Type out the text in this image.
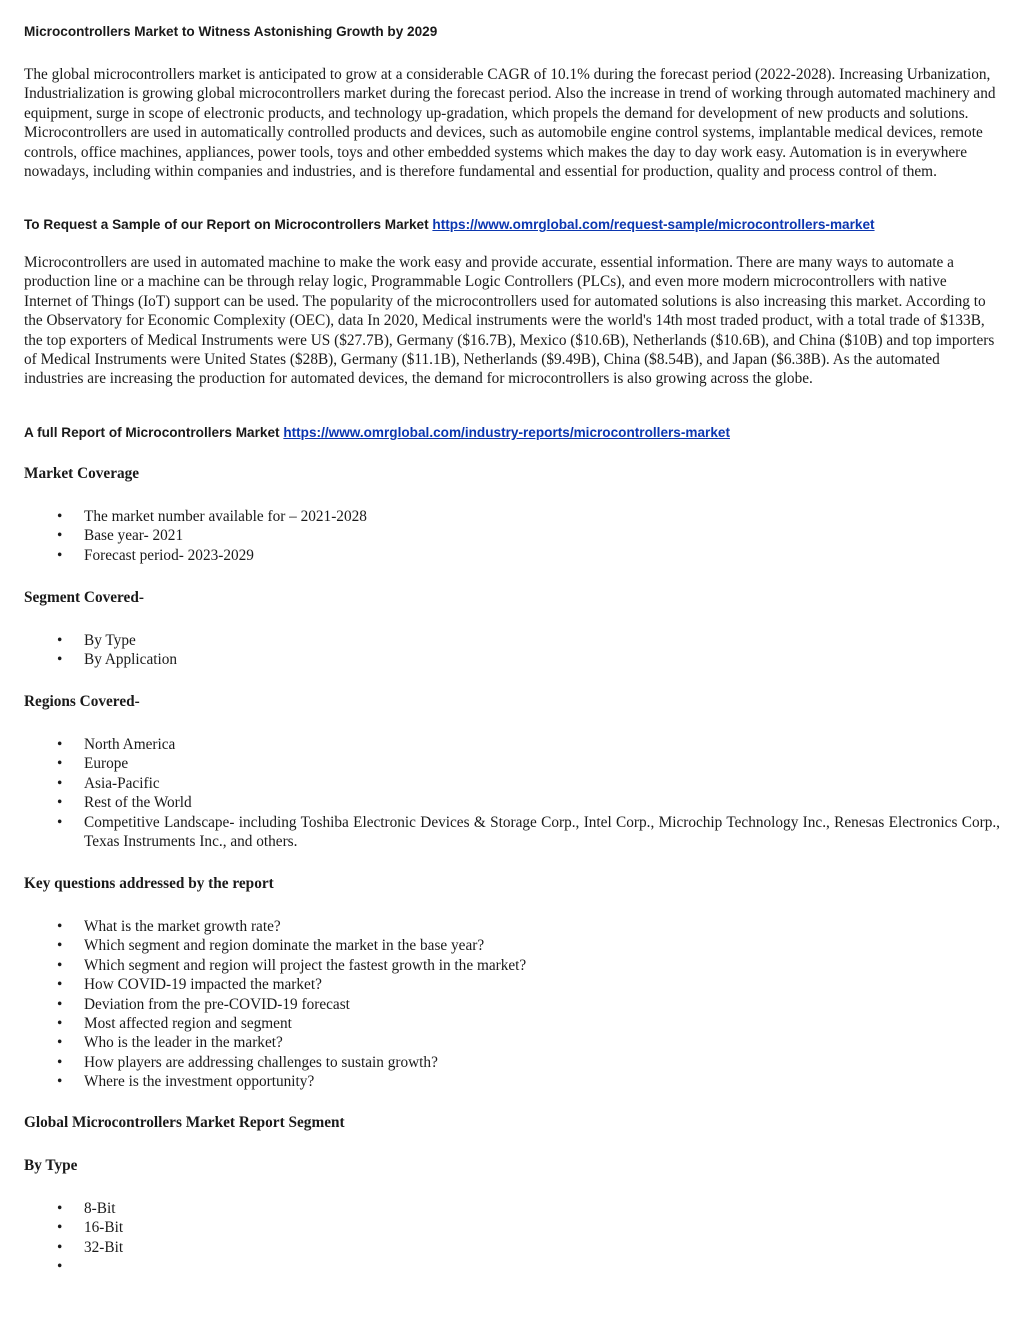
Microcontrollers Market to Witness Astonishing Growth by 2029

The global microcontrollers market is anticipated to grow at a considerable CAGR of 10.1% during the forecast period (2022-2028). Increasing Urbanization, Industrialization is growing global microcontrollers market during the forecast period. Also the increase in trend of working through automated machinery and equipment, surge in scope of electronic products, and technology up-gradation, which propels the demand for development of new products and solutions. Microcontrollers are used in automatically controlled products and devices, such as automobile engine control systems, implantable medical devices, remote controls, office machines, appliances, power tools, toys and other embedded systems which makes the day to day work easy. Automation is in everywhere nowadays, including within companies and industries, and is therefore fundamental and essential for production, quality and process control of them.

To Request a Sample of our Report on Microcontrollers Market https://www.omrglobal.com/request-sample/microcontrollers-market

Microcontrollers are used in automated machine to make the work easy and provide accurate, essential information. There are many ways to automate a production line or a machine can be through relay logic, Programmable Logic Controllers (PLCs), and even more modern microcontrollers with native Internet of Things (IoT) support can be used. The popularity of the microcontrollers used for automated solutions is also increasing this market. According to the Observatory for Economic Complexity (OEC), data In 2020, Medical instruments were the world's 14th most traded product, with a total trade of $133B, the top exporters of Medical Instruments were US ($27.7B), Germany ($16.7B), Mexico ($10.6B), Netherlands ($10.6B), and China ($10B) and top importers of Medical Instruments were United States ($28B), Germany ($11.1B), Netherlands ($9.49B), China ($8.54B), and Japan ($6.38B). As the automated industries are increasing the production for automated devices, the demand for microcontrollers is also growing across the globe.

A full Report of Microcontrollers Market https://www.omrglobal.com/industry-reports/microcontrollers-market
Market Coverage
• The market number available for – 2021-2028
• Base year- 2021
• Forecast period- 2023-2029
Segment Covered-
• By Type
• By Application
Regions Covered-
• North America
• Europe
• Asia-Pacific
• Rest of the World
• Competitive Landscape- including Toshiba Electronic Devices & Storage Corp., Intel Corp., Microchip Technology Inc., Renesas Electronics Corp., Texas Instruments Inc., and others.
Key questions addressed by the report
• What is the market growth rate?
• Which segment and region dominate the market in the base year?
• Which segment and region will project the fastest growth in the market?
• How COVID-19 impacted the market?
• Deviation from the pre-COVID-19 forecast
• Most affected region and segment
• Who is the leader in the market?
• How players are addressing challenges to sustain growth?
• Where is the investment opportunity?
Global Microcontrollers Market Report Segment
By Type
• 8-Bit
• 16-Bit
• 32-Bit
•
